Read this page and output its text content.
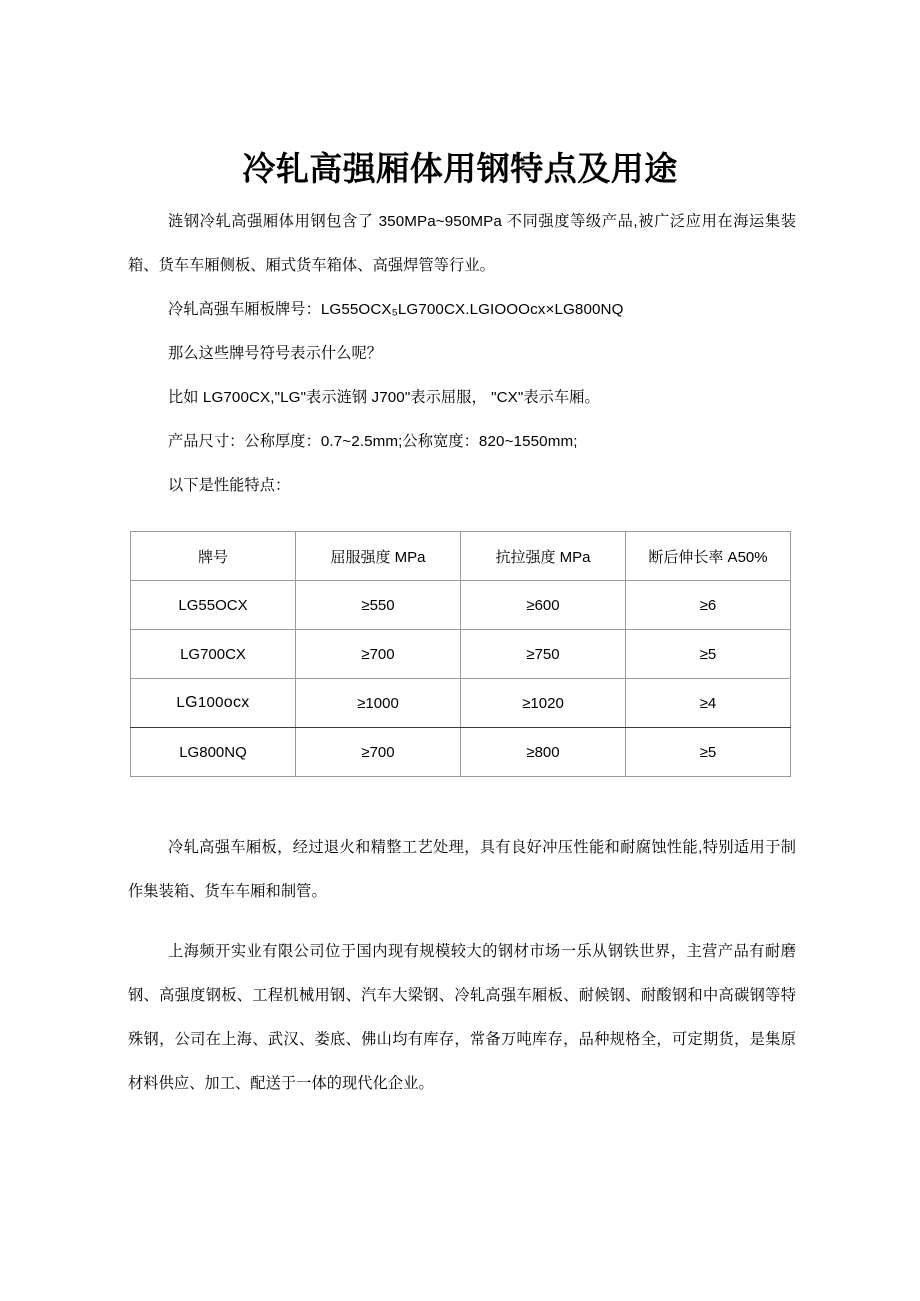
冷轧高强厢体用钢特点及用途

涟钢冷轧高强厢体用钢包含了 350MPa~950MPa 不同强度等级产品,被广泛应用在海运集装箱、货车车厢侧板、厢式货车箱体、高强焊管等行业。

冷轧高强车厢板牌号：LG55OCX₅LG700CX.LGIOOOcx×LG800NQ

那么这些牌号符号表示什么呢？

比如 LG700CX,"LG"表示涟钢 J700"表示屈服， "CX"表示车厢。

产品尺寸：公称厚度：0.7~2.5mm;公称宽度：820~1550mm;

以下是性能特点：

牌号	屈服强度 MPa	抗拉强度 MPa	断后伸长率 A50%
LG55OCX	≥550	≥600	≥6
LG700CX	≥700	≥750	≥5
LG100ocx	≥1000	≥1020	≥4
LG800NQ	≥700	≥800	≥5

冷轧高强车厢板，经过退火和精整工艺处理，具有良好冲压性能和耐腐蚀性能,特别适用于制作集装箱、货车车厢和制管。

上海频开实业有限公司位于国内现有规模较大的钢材市场一乐从钢铁世界，主营产品有耐磨钢、高强度钢板、工程机械用钢、汽车大梁钢、冷轧高强车厢板、耐候钢、耐酸钢和中高碳钢等特殊钢，公司在上海、武汉、娄底、佛山均有库存，常备万吨库存，品种规格全，可定期货，是集原材料供应、加工、配送于一体的现代化企业。
